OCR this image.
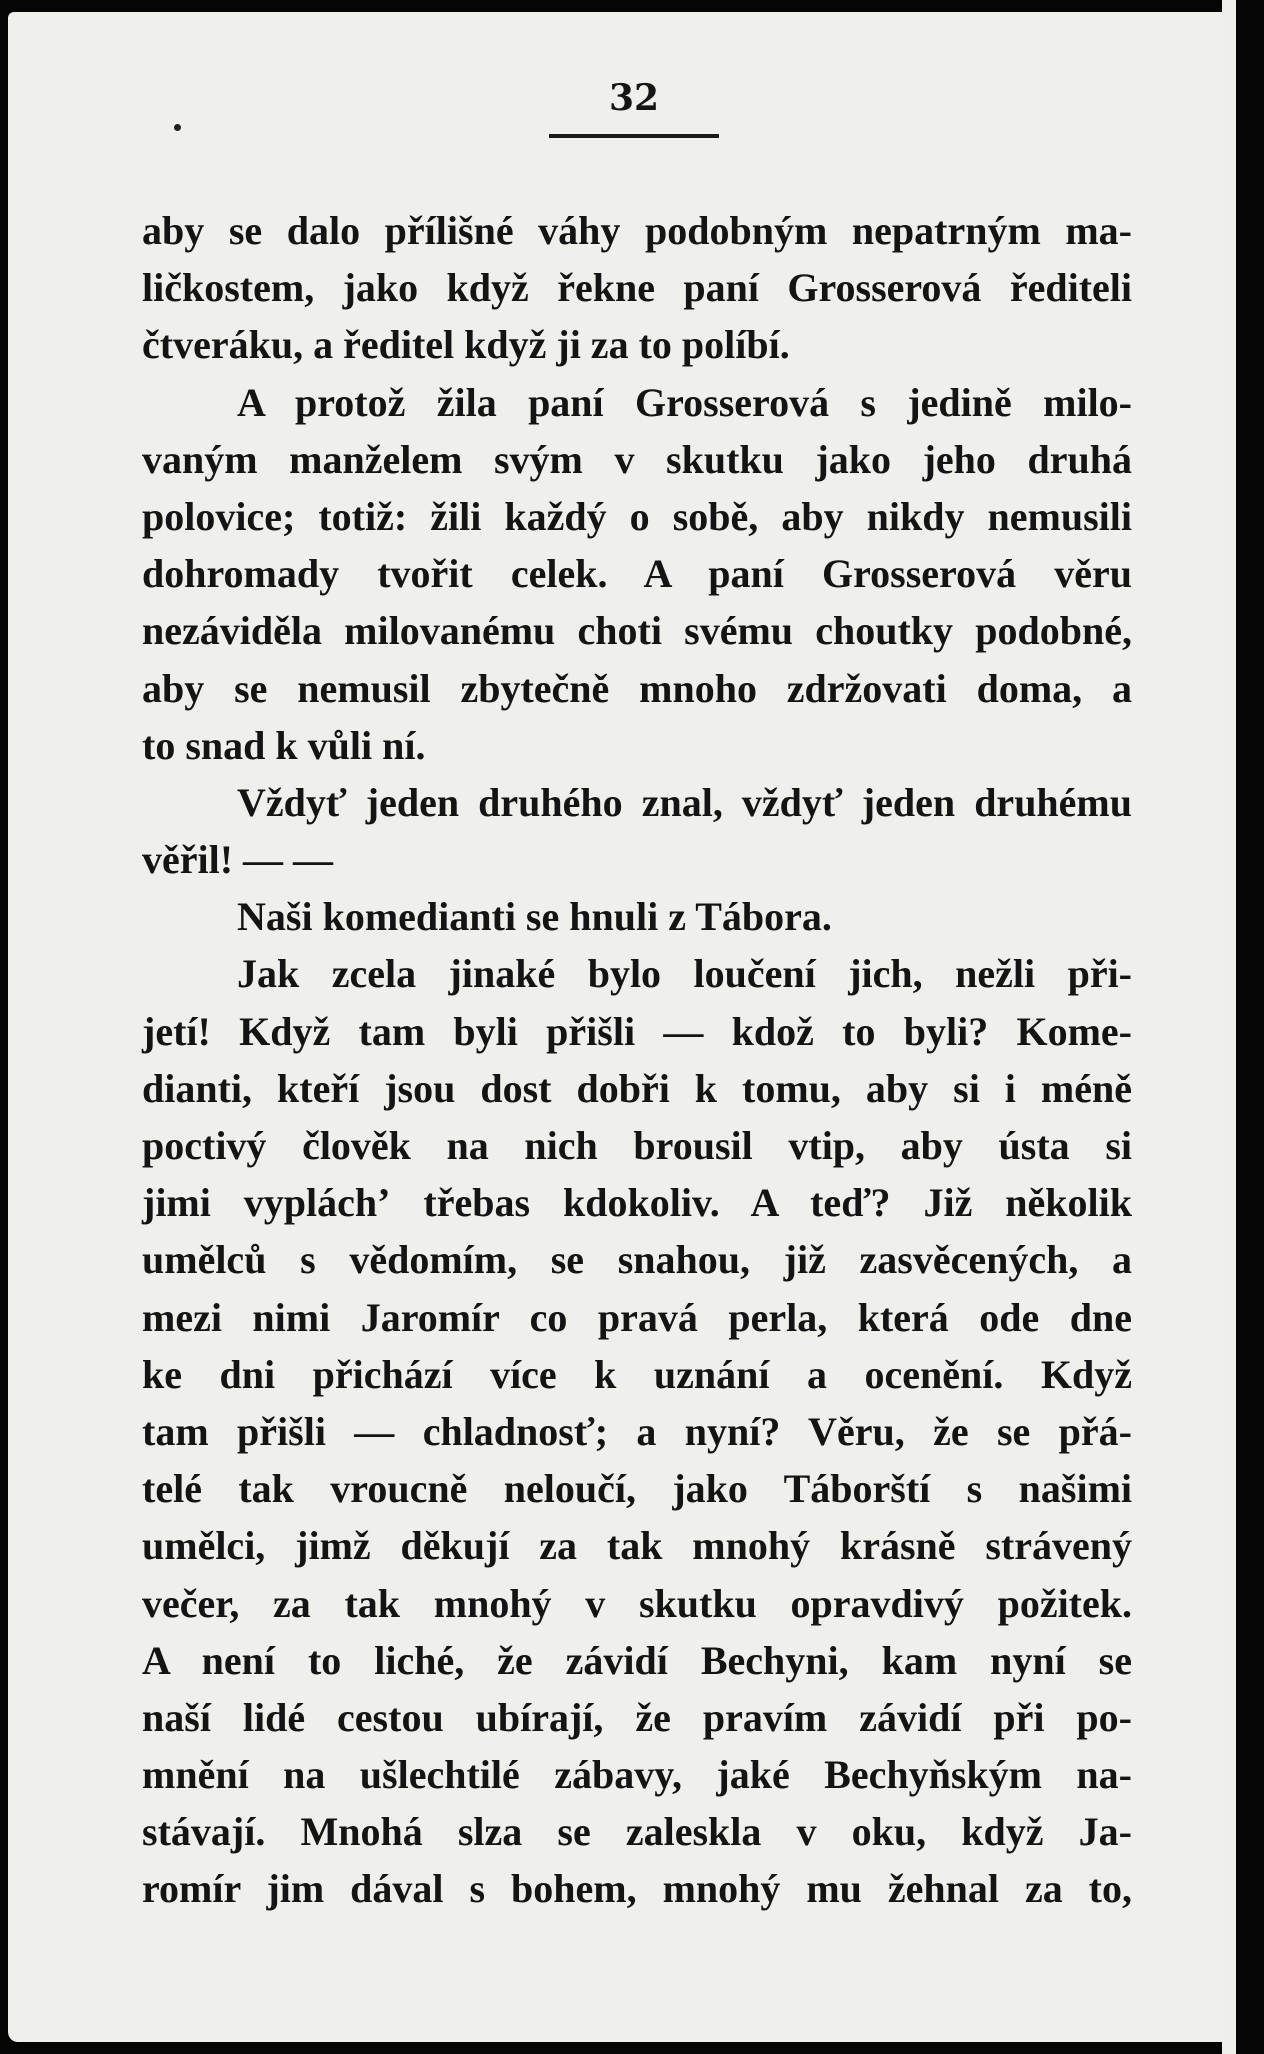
32
aby se dalo přílišné váhy podobným nepatrným ma-
ličkostem, jako když řekne paní Grosserová řediteli
čtveráku, a ředitel když ji za to políbí.
A protož žila paní Grosserová s jedině milo-
vaným manželem svým v skutku jako jeho druhá
polovice; totiž: žili každý o sobě, aby nikdy nemusili
dohromady tvořit celek. A paní Grosserová věru
nezáviděla milovanému choti svému choutky podobné,
aby se nemusil zbytečně mnoho zdržovati doma, a
to snad k vůli ní.
Vždyť jeden druhého znal, vždyť jeden druhému
věřil! — —
Naši komedianti se hnuli z Tábora.
Jak zcela jinaké bylo loučení jich, nežli při-
jetí! Když tam byli přišli — kdož to byli? Kome-
dianti, kteří jsou dost dobři k tomu, aby si i méně
poctivý člověk na nich brousil vtip, aby ústa si
jimi vypláchʼ třebas kdokoliv. A teď? Již několik
umělců s vědomím, se snahou, již zasvěcených, a
mezi nimi Jaromír co pravá perla, která ode dne
ke dni přichází více k uznání a ocenění. Když
tam přišli — chladnosť; a nyní? Věru, že se přá-
telé tak vroucně neloučí, jako Táborští s našimi
umělci, jimž děkují za tak mnohý krásně strávený
večer, za tak mnohý v skutku opravdivý požitek.
A není to liché, že závidí Bechyni, kam nyní se
naší lidé cestou ubírají, že pravím závidí při po-
mnění na ušlechtilé zábavy, jaké Bechyňským na-
stávají. Mnohá slza se zaleskla v oku, když Ja-
romír jim dával s bohem, mnohý mu žehnal za to,
